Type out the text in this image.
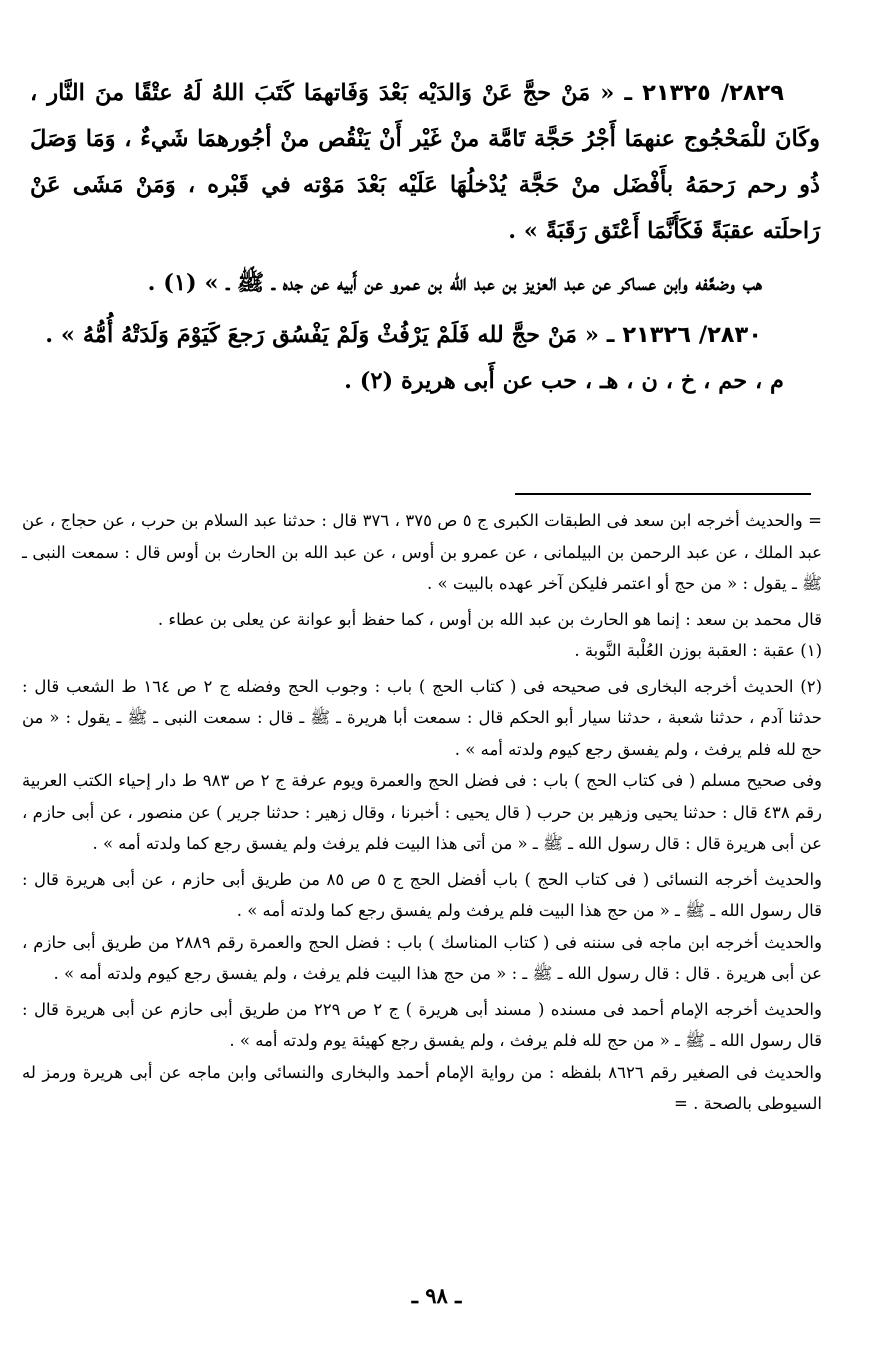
٢٨٢٩/ ٢١٣٢٥ ـ « مَنْ حجَّ عَنْ وَالدَيْه بَعْدَ وَفَاتهمَا كَتَبَ اللهُ لَهُ عتْقًا منَ النَّار ، وكَانَ للْمَحْجُوج عنهمَا أَجْرُ حَجَّة تَامَّة منْ غَيْر أَنْ يَنْقُص منْ أجُورهمَا شَيءٌ ، وَمَا وَصَلَ ذُو رحم رَحمَهُ بأَفْضَل منْ حَجَّة يُدْخلُهَا عَلَيْه بَعْدَ مَوْته في قَبْره ، وَمَنْ مَشَى عَنْ رَاحلَته عقبَةً فَكَأَنَّمَا أَعْتَق رَقَبَةً » .

هب وضعَّفه وابن عساكر عن عبد العزيز بن عبد الله بن عمرو عن أَبيه عن جده ـ ﷺ ـ » (١) .

٢٨٣٠/ ٢١٣٢٦ ـ « مَنْ حجَّ لله فَلَمْ يَرْفُثْ وَلَمْ يَفْسُق رَجعَ كَيَوْمَ وَلَدَتْهُ أُمُّهُ » .

م ، حم ، خ ، ن ، هـ ، حب عن أَبى هريرة (٢) .

= والحديث أخرجه ابن سعد فى الطبقات الكبرى ج ٥ ص ٣٧٥ ، ٣٧٦ قال : حدثنا عبد السلام بن حرب ، عن حجاج ، عن عبد الملك ، عن عبد الرحمن بن البيلمانى ، عن عمرو بن أوس ، عن عبد الله بن الحارث بن أوس قال : سمعت النبى ـ ﷺ ـ يقول : « من حج أو اعتمر فليكن آخر عهده بالبيت » .

قال محمد بن سعد : إنما هو الحارث بن عبد الله بن أوس ، كما حفظ أبو عوانة عن يعلى بن عطاء .

(١) عقبة : العقبة بوزن العُلْبة النَّوبة .

(٢) الحديث أخرجه البخارى فى صحيحه فى ( كتاب الحج ) باب : وجوب الحج وفضله ج ٢ ص ١٦٤ ط الشعب قال : حدثنا آدم ، حدثنا شعبة ، حدثنا سيار أبو الحكم قال : سمعت أبا هريرة ـ ﷺ ـ قال : سمعت النبى ـ ﷺ ـ يقول : « من حج لله فلم يرفث ، ولم يفسق رجع كيوم ولدته أمه » .

وفى صحيح مسلم ( فى كتاب الحج ) باب : فى فضل الحج والعمرة ويوم عرفة ج ٢ ص ٩٨٣ ط دار إحياء الكتب العربية رقم ٤٣٨ قال : حدثنا يحيى وزهير بن حرب ( قال يحيى : أخبرنا ، وقال زهير : حدثنا جرير ) عن منصور ، عن أبى حازم ، عن أبى هريرة قال : قال رسول الله ـ ﷺ ـ « من أتى هذا البيت فلم يرفث ولم يفسق رجع كما ولدته أمه » .

والحديث أخرجه النسائى ( فى كتاب الحج ) باب أفضل الحج ج ٥ ص ٨٥ من طريق أبى حازم ، عن أبى هريرة قال : قال رسول الله ـ ﷺ ـ « من حج هذا البيت فلم يرفث ولم يفسق رجع كما ولدته أمه » .

والحديث أخرجه ابن ماجه فى سننه فى ( كتاب المناسك ) باب : فضل الحج والعمرة رقم ٢٨٨٩ من طريق أبى حازم ، عن أبى هريرة . قال : قال رسول الله ـ ﷺ ـ : « من حج هذا البيت فلم يرفث ، ولم يفسق رجع كيوم ولدته أمه » .

والحديث أخرجه الإمام أحمد فى مسنده ( مسند أبى هريرة ) ج ٢ ص ٢٢٩ من طريق أبى حازم عن أبى هريرة قال : قال رسول الله ـ ﷺ ـ « من حج لله فلم يرفث ، ولم يفسق رجع كهيئة يوم ولدته أمه » .

والحديث فى الصغير رقم ٨٦٢٦ بلفظه : من رواية الإمام أحمد والبخارى والنسائى وابن ماجه عن أبى هريرة ورمز له السيوطى بالصحة . =

ـ ٩٨ ـ
